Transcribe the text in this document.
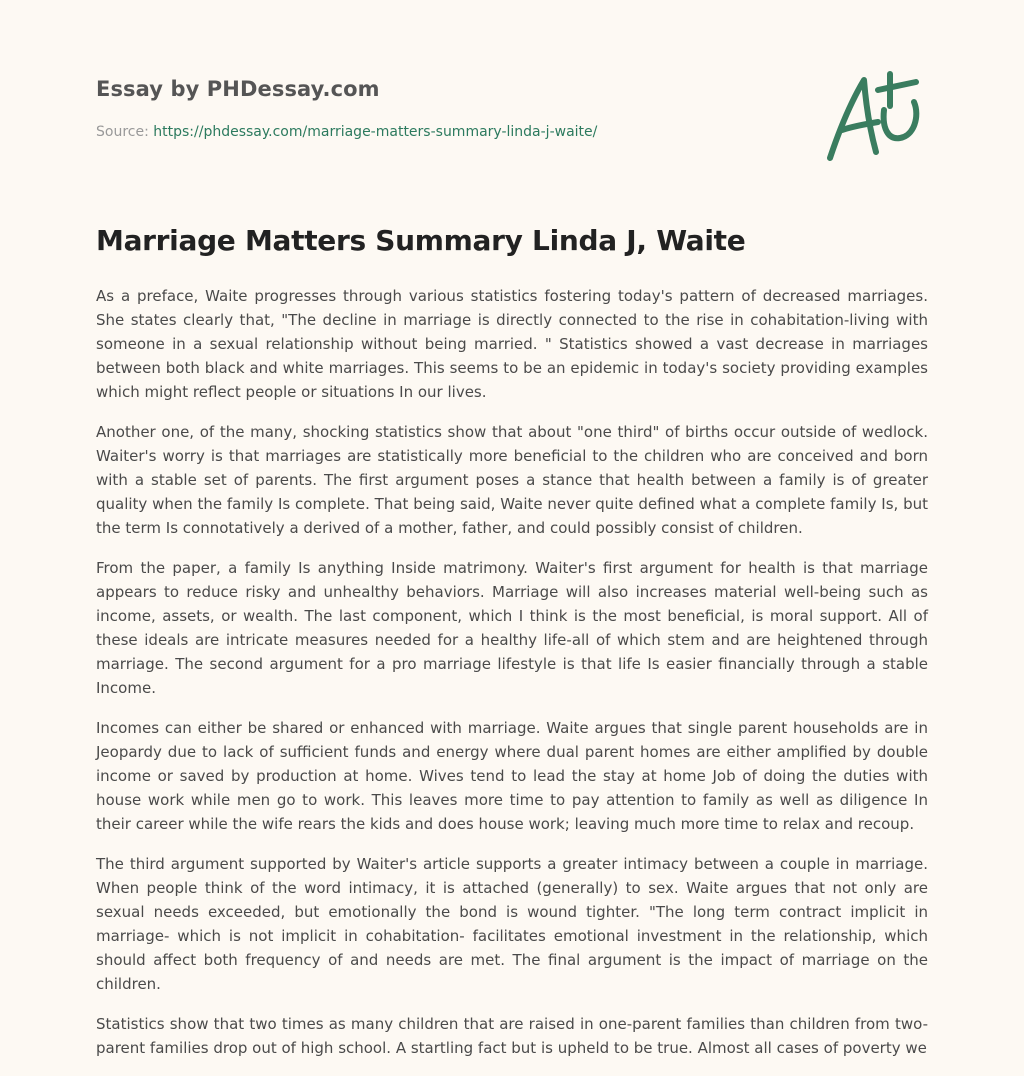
Essay by PHDessay.com
Source: https://phdessay.com/marriage-matters-summary-linda-j-waite/
Marriage Matters Summary Linda J, Waite

As a preface, Waite progresses through various statistics fostering today's pattern of decreased marriages. She states clearly that, "The decline in marriage is directly connected to the rise in cohabitation-living with someone in a sexual relationship without being married. " Statistics showed a vast decrease in marriages between both black and white marriages. This seems to be an epidemic in today's society providing examples which might reflect people or situations In our lives.

Another one, of the many, shocking statistics show that about "one third" of births occur outside of wedlock. Waiter's worry is that marriages are statistically more beneficial to the children who are conceived and born with a stable set of parents. The first argument poses a stance that health between a family is of greater quality when the family Is complete. That being said, Waite never quite defined what a complete family Is, but the term Is connotatively a derived of a mother, father, and could possibly consist of children.

From the paper, a family Is anything Inside matrimony. Waiter's first argument for health is that marriage appears to reduce risky and unhealthy behaviors. Marriage will also increases material well-being such as income, assets, or wealth. The last component, which I think is the most beneficial, is moral support. All of these ideals are intricate measures needed for a healthy life-all of which stem and are heightened through marriage. The second argument for a pro marriage lifestyle is that life Is easier financially through a stable Income.

Incomes can either be shared or enhanced with marriage. Waite argues that single parent households are in Jeopardy due to lack of sufficient funds and energy where dual parent homes are either amplified by double income or saved by production at home. Wives tend to lead the stay at home Job of doing the duties with house work while men go to work. This leaves more time to pay attention to family as well as diligence In their career while the wife rears the kids and does house work; leaving much more time to relax and recoup.

The third argument supported by Waiter's article supports a greater intimacy between a couple in marriage. When people think of the word intimacy, it is attached (generally) to sex. Waite argues that not only are sexual needs exceeded, but emotionally the bond is wound tighter. "The long term contract implicit in marriage- which is not implicit in cohabitation- facilitates emotional investment in the relationship, which should affect both frequency of and needs are met. The final argument is the impact of marriage on the children.

Statistics show that two times as many children that are raised in one-parent families than children from two-parent families drop out of high school. A startling fact but is upheld to be true. Almost all cases of poverty we
